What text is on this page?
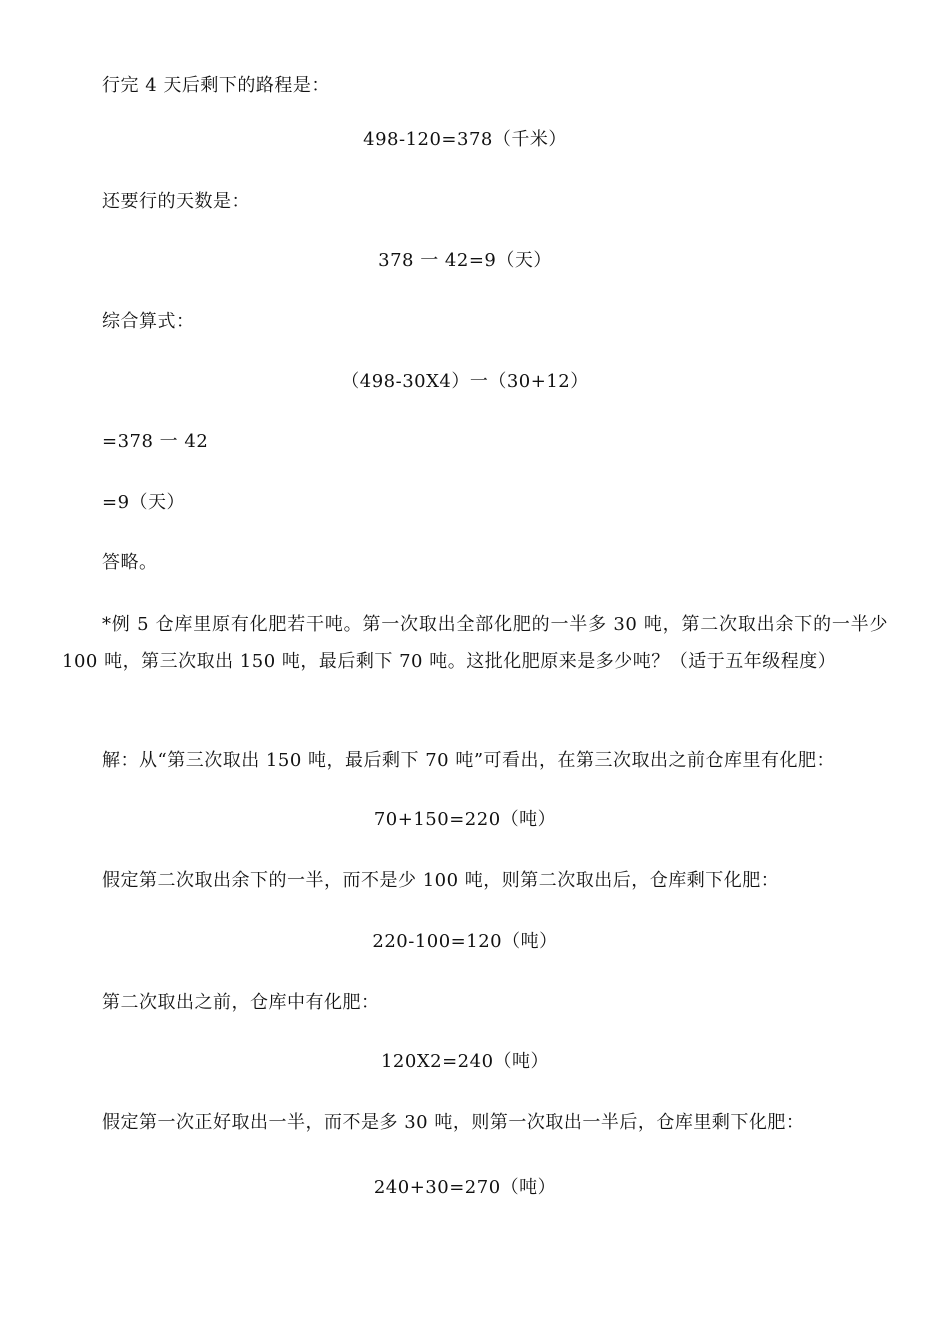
行完 4 天后剩下的路程是：
498-120=378（千米）
还要行的天数是：
378 一 42=9（天）
综合算式：
（498-30X4）一（30+12）
=378 一 42
=9（天）
答略。
*例 5 仓库里原有化肥若干吨。第一次取出全部化肥的一半多 30 吨，第二次取出余下的一半少 100 吨，第三次取出 150 吨，最后剩下 70 吨。这批化肥原来是多少吨？（适于五年级程度）
解：从“第三次取出 150 吨，最后剩下 70 吨”可看出，在第三次取出之前仓库里有化肥：
70+150=220（吨）
假定第二次取出余下的一半，而不是少 100 吨，则第二次取出后，仓库剩下化肥：
220-100=120（吨）
第二次取出之前，仓库中有化肥：
120X2=240（吨）
假定第一次正好取出一半，而不是多 30 吨，则第一次取出一半后，仓库里剩下化肥：
240+30=270（吨）
